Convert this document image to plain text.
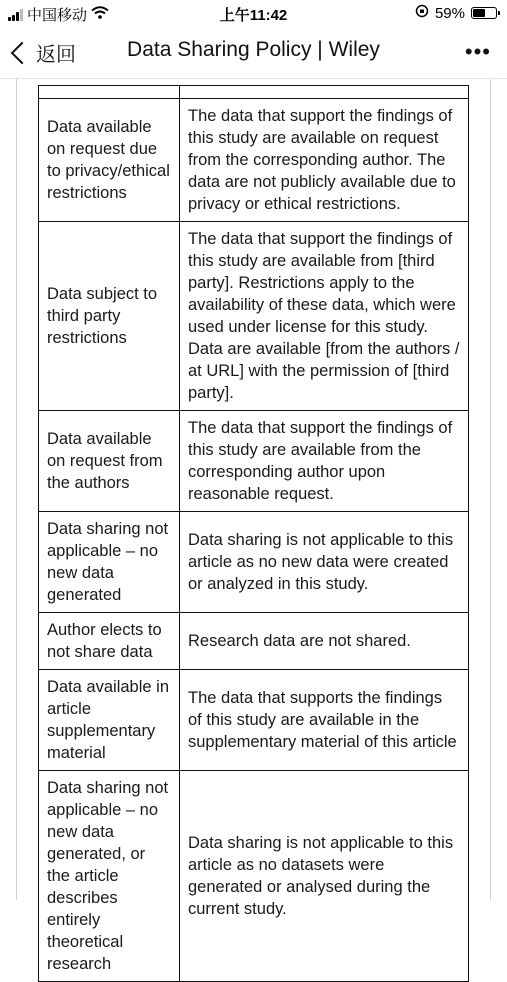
中国移动	上午11:42	59%
返回	Data Sharing Policy | Wiley	•••

Data available on request due to privacy/ethical restrictions	The data that support the findings of this study are available on request from the corresponding author. The data are not publicly available due to privacy or ethical restrictions.
Data subject to third party restrictions	The data that support the findings of this study are available from [third party]. Restrictions apply to the availability of these data, which were used under license for this study. Data are available [from the authors / at URL] with the permission of [third party].
Data available on request from the authors	The data that support the findings of this study are available from the corresponding author upon reasonable request.
Data sharing not applicable – no new data generated	Data sharing is not applicable to this article as no new data were created or analyzed in this study.
Author elects to not share data	Research data are not shared.
Data available in article supplementary material	The data that supports the findings of this study are available in the supplementary material of this article
Data sharing not applicable – no new data generated, or the article describes entirely theoretical research	Data sharing is not applicable to this article as no datasets were generated or analysed during the current study.
